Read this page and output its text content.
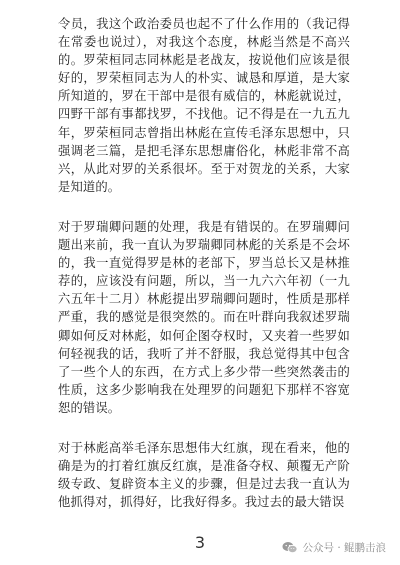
令员，我这个政治委员也起不了什么作用的（我记得在常委也说过），对我这个态度，林彪当然是不高兴的。罗荣桓同志同林彪是老战友，按说他们应该是很好的，罗荣桓同志为人的朴实、诚恳和厚道，是大家所知道的，罗在干部中是很有威信的，林彪就说过，四野干部有事都找罗，不找他。记不得是在一九五九年，罗荣桓同志曾指出林彪在宣传毛泽东思想中，只强调老三篇，是把毛泽东思想庸俗化，林彪非常不高兴，从此对罗的关系很坏。至于对贺龙的关系，大家是知道的。

对于罗瑞卿问题的处理，我是有错误的。在罗瑞卿问题出来前，我一直认为罗瑞卿同林彪的关系是不会坏的，我一直觉得罗是林的老部下，罗当总长又是林推荐的，应该没有问题，所以，当一九六六年初（一九六五年十二月）林彪提出罗瑞卿问题时，性质是那样严重，我的感觉是很突然的。而在叶群向我叙述罗瑞卿如何反对林彪，如何企图夺权时，又夹着一些罗如何轻视我的话，我听了并不舒服，我总觉得其中包含了一些个人的东西，在方式上多少带一些突然袭击的性质，这多少影响我在处理罗的问题犯下那样不容宽恕的错误。

对于林彪高举毛泽东思想伟大红旗，现在看来，他的确是为的打着红旗反红旗，是准备夺权、颠覆无产阶级专政、复辟资本主义的步骤，但是过去我一直认为他抓得对，抓得好，比我好得多。我过去的最大错误

3	公众号 · 鲲鹏击浪
